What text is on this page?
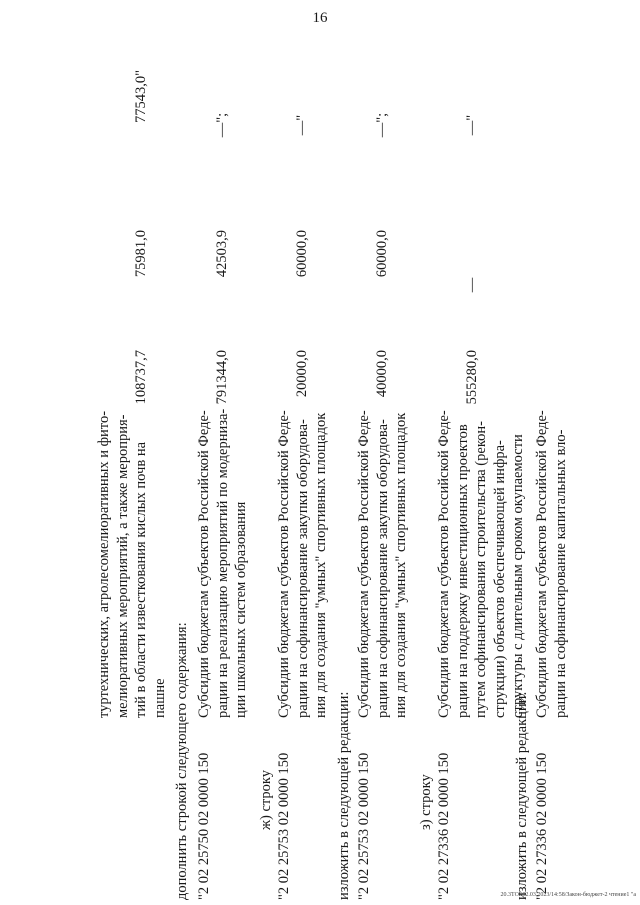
16
туртехнических, агролесомелиоративных и фито- мелиоративных мероприятий, а также мероприя- тий в области известкования кислых почв на пашне
108737,7
75981,0
77543,0"
дополнить строкой следующего содержания: "2 02 25750 02 0000 150
Субсидии бюджетам субъектов Российской Феде- рации на реализацию мероприятий по модерниза- ции школьных систем образования
791344,0
42503,9
—";
ж) строку "2 02 25753 02 0000 150
Субсидии бюджетам субъектов Российской Феде- рации на софинансирование закупки оборудова- ния для создания "умных" спортивных площадок
20000,0
60000,0
—"
изложить в следующей редакции: "2 02 25753 02 0000 150
Субсидии бюджетам субъектов Российской Феде- рации на софинансирование закупки оборудова- ния для создания "умных" спортивных площадок
40000,0
60000,0
—";
з) строку "2 02 27336 02 0000 150
Субсидии бюджетам субъектов Российской Феде- рации на поддержку инвестиционных проектов путем софинансирования строительства (рекон- струкции) объектов обеспечивающей инфра- структуры с длительным сроком окупаемости
555280,0
—
—"
изложить в следующей редакции: "2 02 27336 02 0000 150
Субсидии бюджетам субъектов Российской Феде- рации на софинансирование капитальных вло-
20.3ТОБ02.03.2023/14:58/Закон-бюджет-2 чтение1 "а
